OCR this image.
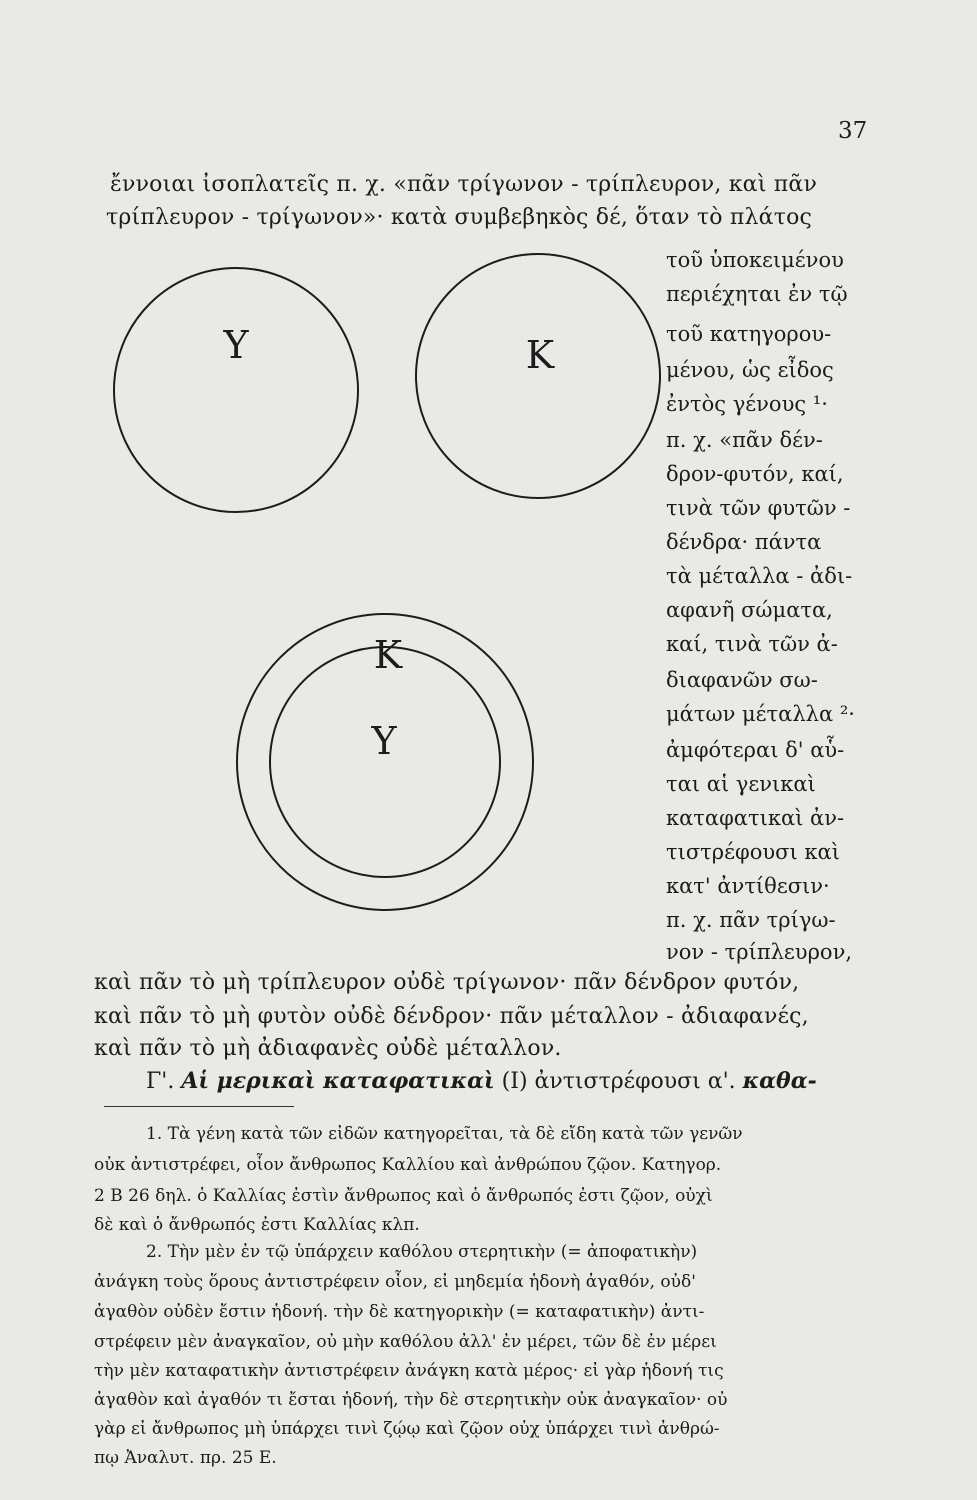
37
ἔννοιαι ἰσοπλατεῖς π. χ. «πᾶν τρίγωνον - τρίπλευρον, καὶ πᾶν
τρίπλευρον - τρίγωνον»· κατὰ συμβεβηκὸς δέ, ὅταν τὸ πλάτος
Y	K
K
Y
τοῦ ὑποκειμένου
περιέχηται ἐν τῷ
τοῦ κατηγορου-
μένου, ὡς εἶδος
ἐντὸς γένους ¹·
π. χ. «πᾶν δέν-
δρον-φυτόν, καί,
τινὰ τῶν φυτῶν -
δένδρα· πάντα
τὰ μέταλλα - ἀδι-
αφανῆ σώματα,
καί, τινὰ τῶν ἀ-
διαφανῶν σω-
μάτων μέταλλα ²·
ἀμφότεραι δ' αὗ-
ται αἱ γενικαὶ
καταφατικαὶ ἀν-
τιστρέφουσι καὶ
κατ' ἀντίθεσιν·
π. χ. πᾶν τρίγω-
νον - τρίπλευρον,
καὶ πᾶν τὸ μὴ τρίπλευρον οὐδὲ τρίγωνον· πᾶν δένδρον φυτόν,
καὶ πᾶν τὸ μὴ φυτὸν οὐδὲ δένδρον· πᾶν μέταλλον - ἀδιαφανές,
καὶ πᾶν τὸ μὴ ἀδιαφανὲς οὐδὲ μέταλλον.
Γ'. Αἱ μερικαὶ καταφατικαὶ (I) ἀντιστρέφουσι α'. καθα-
1. Τὰ γένη κατὰ τῶν εἰδῶν κατηγορεῖται, τὰ δὲ εἴδη κατὰ τῶν γενῶν
οὐκ ἀντιστρέφει, οἷον ἄνθρωπος Καλλίου καὶ ἀνθρώπου ζῷον. Κατηγορ.
2 Β 26 δηλ. ὁ Καλλίας ἐστὶν ἄνθρωπος καὶ ὁ ἄνθρωπός ἐστι ζῷον, οὐχὶ
δὲ καὶ ὁ ἄνθρωπός ἐστι Καλλίας κλπ.
2. Τὴν μὲν ἐν τῷ ὑπάρχειν καθόλου στερητικὴν (= ἀποφατικὴν)
ἀνάγκη τοὺς ὅρους ἀντιστρέφειν οἷον, εἰ μηδεμία ἡδονὴ ἀγαθόν, οὐδ'
ἀγαθὸν οὐδὲν ἔστιν ἡδονή. τὴν δὲ κατηγορικὴν (= καταφατικὴν) ἀντι-
στρέφειν μὲν ἀναγκαῖον, οὐ μὴν καθόλου ἀλλ' ἐν μέρει, τῶν δὲ ἐν μέρει
τὴν μὲν καταφατικὴν ἀντιστρέφειν ἀνάγκη κατὰ μέρος· εἰ γὰρ ἡδονή τις
ἀγαθὸν καὶ ἀγαθόν τι ἔσται ἡδονή, τὴν δὲ στερητικὴν οὐκ ἀναγκαῖον· οὐ
γὰρ εἰ ἄνθρωπος μὴ ὑπάρχει τινὶ ζῴῳ καὶ ζῷον οὐχ ὑπάρχει τινὶ ἀνθρώ-
πῳ Ἀναλυτ. πρ. 25 Ε.
